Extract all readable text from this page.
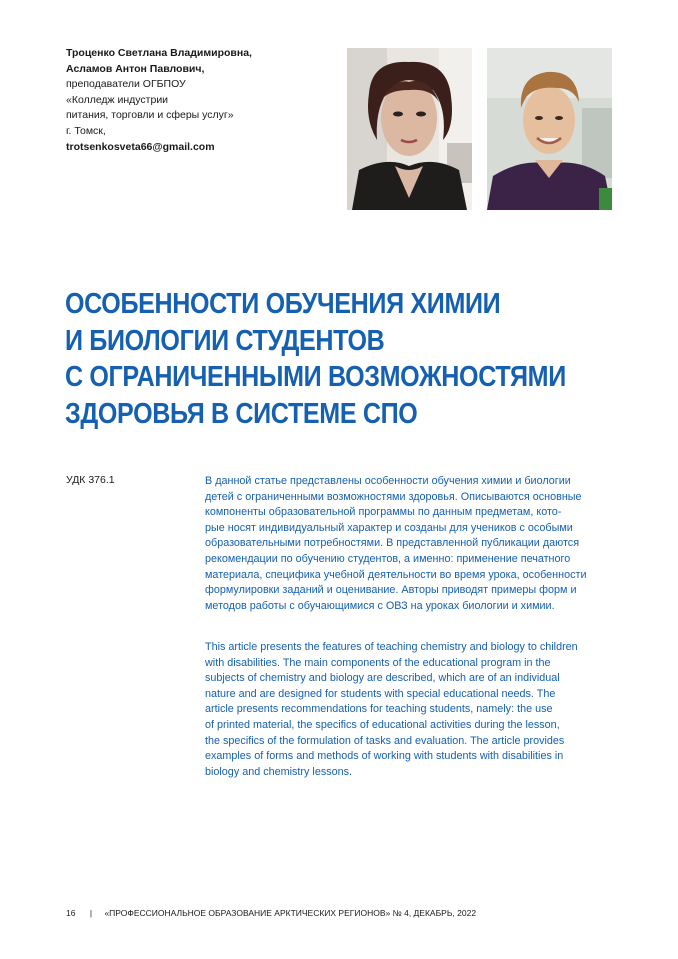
Троценко Светлана Владимировна,
Асламов Антон Павлович,
преподаватели ОГБПОУ
«Колледж индустрии
питания, торговли и сферы услуг»
г. Томск,
trotsenkosveta66@gmail.com
ОСОБЕННОСТИ ОБУЧЕНИЯ ХИМИИ
И БИОЛОГИИ СТУДЕНТОВ
С ОГРАНИЧЕННЫМИ ВОЗМОЖНОСТЯМИ
ЗДОРОВЬЯ В СИСТЕМЕ СПО
УДК 376.1	В данной статье представлены особенности обучения химии и биологии
детей с ограниченными возможностями здоровья. Описываются основные
компоненты образовательной программы по данным предметам, кото-
рые носят индивидуальный характер и созданы для учеников с особыми
образовательными потребностями. В представленной публикации даются
рекомендации по обучению студентов, а именно: применение печатного
материала, специфика учебной деятельности во время урока, особенности
формулировки заданий и оценивание. Авторы приводят примеры форм и
методов работы с обучающимися с ОВЗ на уроках биологии и химии.
This article presents the features of teaching chemistry and biology to children
with disabilities. The main components of the educational program in the
subjects of chemistry and biology are described, which are of an individual
nature and are designed for students with special educational needs. The
article presents recommendations for teaching students, namely: the use
of printed material, the specifics of educational activities during the lesson,
the specifics of the formulation of tasks and evaluation. The article provides
examples of forms and methods of working with students with disabilities in
biology and chemistry lessons.
16 | «ПРОФЕССИОНАЛЬНОЕ ОБРАЗОВАНИЕ АРКТИЧЕСКИХ РЕГИОНОВ» № 4, ДЕКАБРЬ, 2022
